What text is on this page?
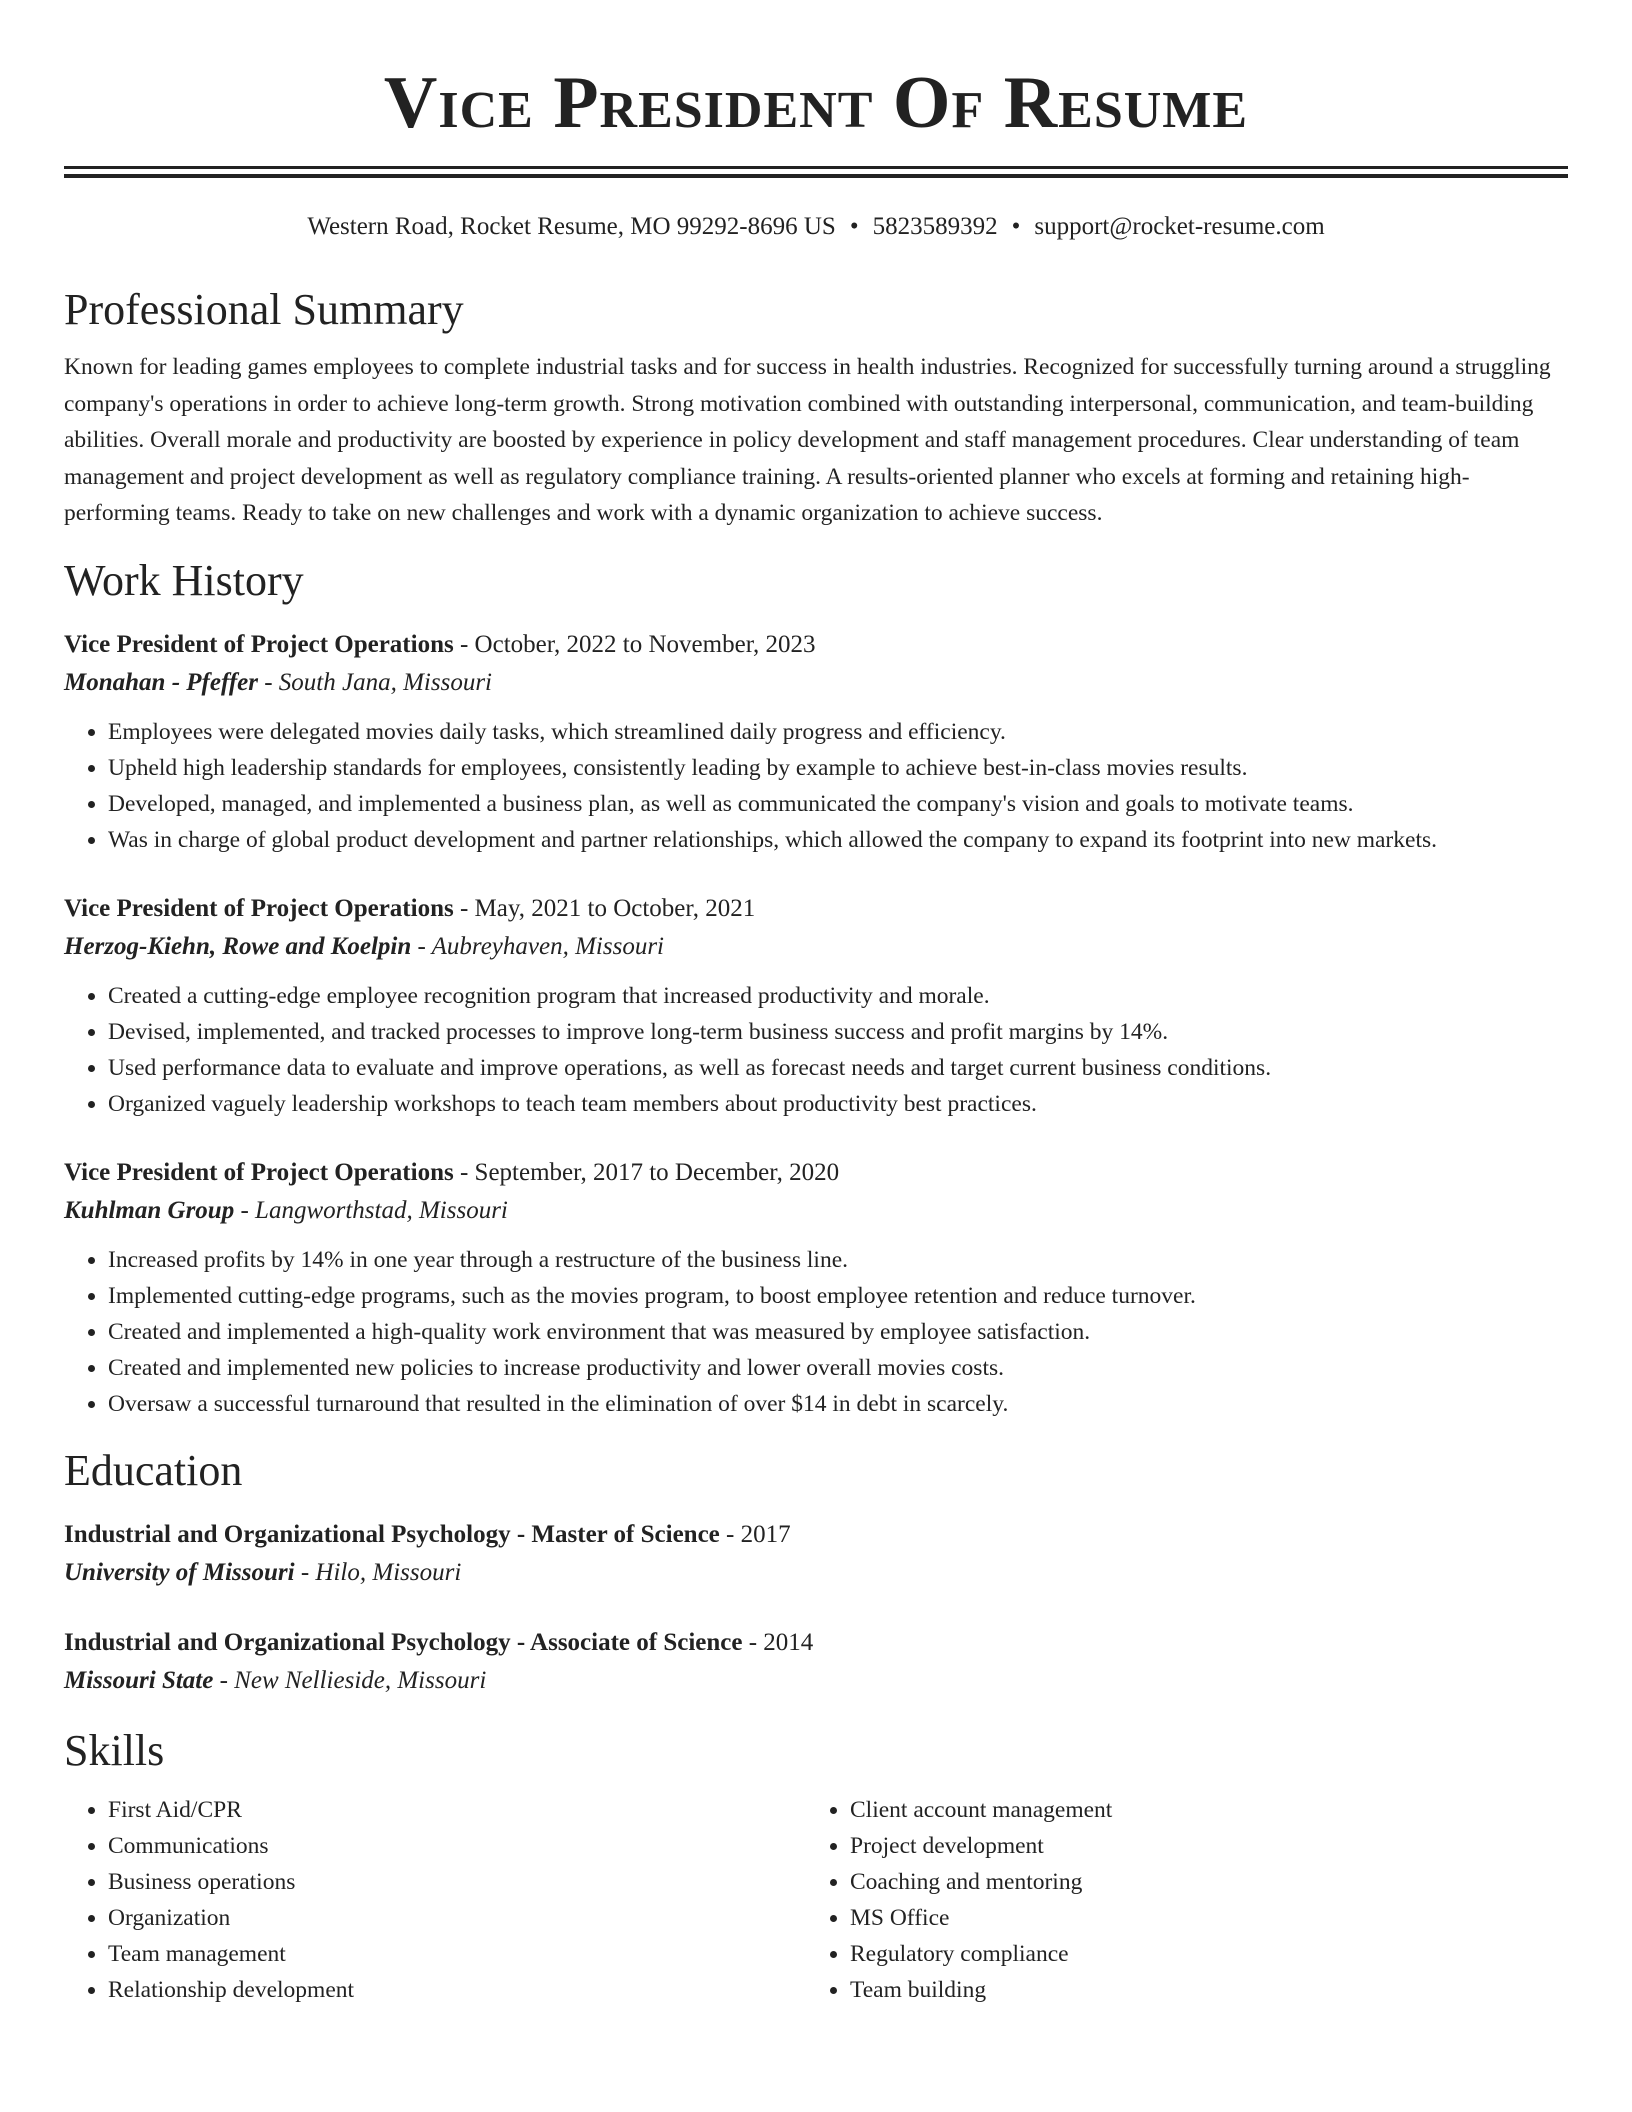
Vice President Of Resume
Western Road, Rocket Resume, MO 99292-8696 US • 5823589392 • support@rocket-resume.com
Professional Summary
Known for leading games employees to complete industrial tasks and for success in health industries. Recognized for successfully turning around a struggling company's operations in order to achieve long-term growth. Strong motivation combined with outstanding interpersonal, communication, and team-building abilities. Overall morale and productivity are boosted by experience in policy development and staff management procedures. Clear understanding of team management and project development as well as regulatory compliance training. A results-oriented planner who excels at forming and retaining high-performing teams. Ready to take on new challenges and work with a dynamic organization to achieve success.
Work History
Vice President of Project Operations - October, 2022 to November, 2023
Monahan - Pfeffer - South Jana, Missouri
• Employees were delegated movies daily tasks, which streamlined daily progress and efficiency.
• Upheld high leadership standards for employees, consistently leading by example to achieve best-in-class movies results.
• Developed, managed, and implemented a business plan, as well as communicated the company's vision and goals to motivate teams.
• Was in charge of global product development and partner relationships, which allowed the company to expand its footprint into new markets.
Vice President of Project Operations - May, 2021 to October, 2021
Herzog-Kiehn, Rowe and Koelpin - Aubreyhaven, Missouri
• Created a cutting-edge employee recognition program that increased productivity and morale.
• Devised, implemented, and tracked processes to improve long-term business success and profit margins by 14%.
• Used performance data to evaluate and improve operations, as well as forecast needs and target current business conditions.
• Organized vaguely leadership workshops to teach team members about productivity best practices.
Vice President of Project Operations - September, 2017 to December, 2020
Kuhlman Group - Langworthstad, Missouri
• Increased profits by 14% in one year through a restructure of the business line.
• Implemented cutting-edge programs, such as the movies program, to boost employee retention and reduce turnover.
• Created and implemented a high-quality work environment that was measured by employee satisfaction.
• Created and implemented new policies to increase productivity and lower overall movies costs.
• Oversaw a successful turnaround that resulted in the elimination of over $14 in debt in scarcely.
Education
Industrial and Organizational Psychology - Master of Science - 2017
University of Missouri - Hilo, Missouri
Industrial and Organizational Psychology - Associate of Science - 2014
Missouri State - New Nellieside, Missouri
Skills
• First Aid/CPR
• Communications
• Business operations
• Organization
• Team management
• Relationship development
• Client account management
• Project development
• Coaching and mentoring
• MS Office
• Regulatory compliance
• Team building
